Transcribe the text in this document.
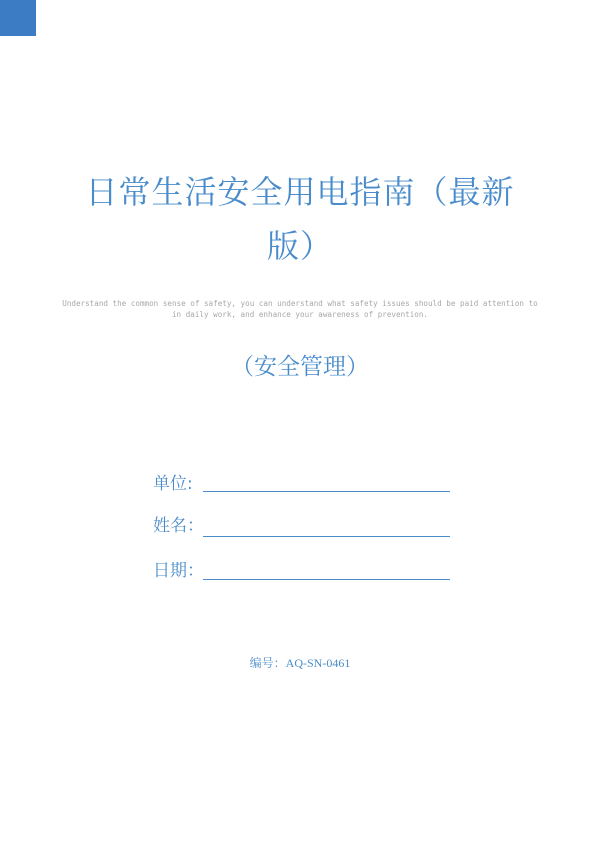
日常生活安全用电指南（最新
版）
Understand the common sense of safety, you can understand what safety issues should be paid attention to in daily work, and enhance your awareness of prevention.
（安全管理）
单位:
姓名：
日期：
编号：AQ-SN-0461
